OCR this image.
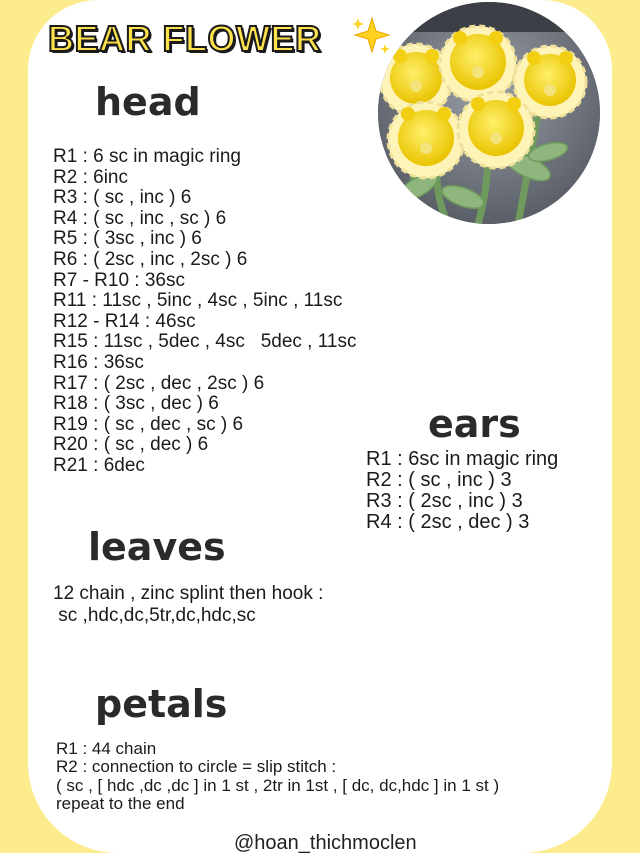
BEAR FLOWER
head
R1 : 6 sc in magic ring
R2 : 6inc
R3 : ( sc , inc ) 6
R4 : ( sc , inc , sc ) 6
R5 : ( 3sc , inc ) 6
R6 : ( 2sc , inc , 2sc ) 6
R7 - R10 : 36sc
R11 : 11sc , 5inc , 4sc , 5inc , 11sc
R12 - R14 : 46sc
R15 : 11sc , 5dec , 4sc   5dec , 11sc
R16 : 36sc
R17 : ( 2sc , dec , 2sc ) 6
R18 : ( 3sc , dec ) 6
R19 : ( sc , dec , sc ) 6
R20 : ( sc , dec ) 6
R21 : 6dec
ears
R1 : 6sc in magic ring
R2 : ( sc , inc ) 3
R3 : ( 2sc , inc ) 3
R4 : ( 2sc , dec ) 3
leaves
12 chain , zinc splint then hook :
sc ,hdc,dc,5tr,dc,hdc,sc
petals
R1 : 44 chain
R2 : connection to circle = slip stitch :
( sc , [ hdc ,dc ,dc ] in 1 st , 2tr in 1st , [ dc, dc,hdc ] in 1 st )
repeat to the end
@hoan_thichmoclen
